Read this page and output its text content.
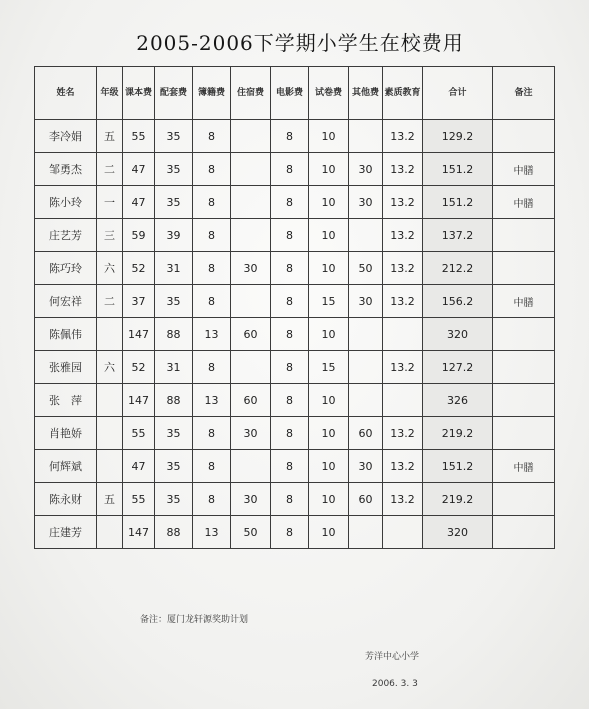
2005-2006下学期小学生在校费用
姓名	年级	课本费	配套费	簿籍费	住宿费	电影费	试卷费	其他费	素质教育	合计	备注
李冷娟	五	55	35	8		8	10		13.2	129.2	
邹勇杰	二	47	35	8		8	10	30	13.2	151.2	中膳
陈小玲	一	47	35	8		8	10	30	13.2	151.2	中膳
庄艺芳	三	59	39	8		8	10		13.2	137.2	
陈巧玲	六	52	31	8	30	8	10	50	13.2	212.2	
何宏祥	二	37	35	8		8	15	30	13.2	156.2	中膳
陈佩伟		147	88	13	60	8	10			320	
张雅园	六	52	31	8		8	15		13.2	127.2	
张　萍		147	88	13	60	8	10			326	
肖艳娇		55	35	8	30	8	10	60	13.2	219.2	
何辉斌		47	35	8		8	10	30	13.2	151.2	中膳
陈永财	五	55	35	8	30	8	10	60	13.2	219.2	
庄建芳		147	88	13	50	8	10			320	
备注：厦门龙轩源奖助计划
芳洋中心小学
2006. 3. 3
